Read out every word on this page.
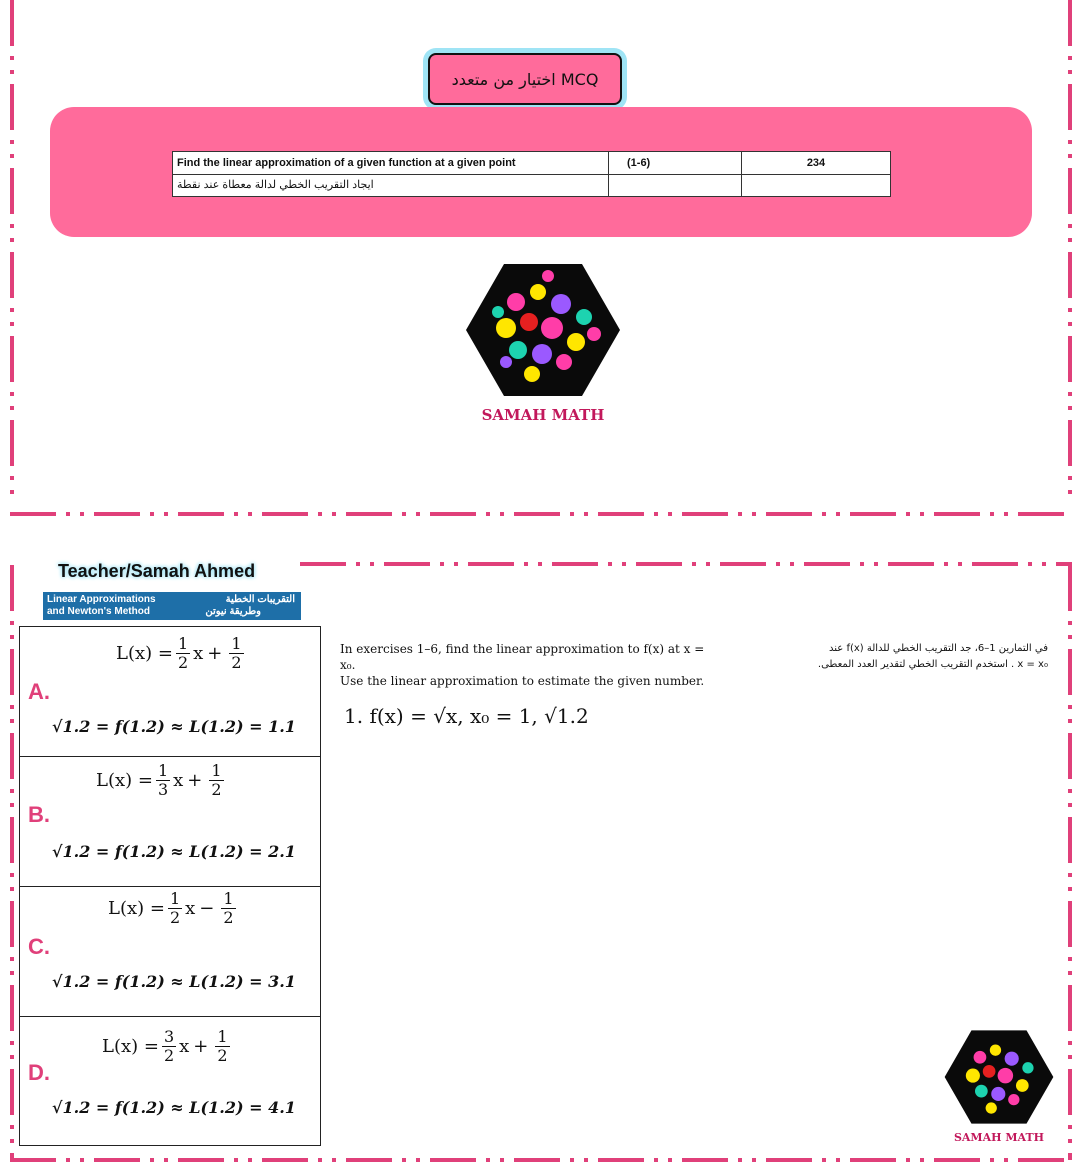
اختيار من متعدد MCQ
Find the linear approximation of a given function at a given point	(1-6)	234
ايجاد التقريب الخطي لدالة معطاة عند نقطة
SAMAH MATH
Teacher/Samah Ahmed
Linear Approximations
and Newton's Method
التقريبات الخطية
وطريقة نيوتن
$L(x) = \frac{1}{2}$ $x + \frac{1}{2}$
A.
√1.2 = f(1.2) ≈ L(1.2) = 1.1
$L(x) = \frac{1}{3}$ $x + \frac{1}{2}$
B.
√1.2 = f(1.2) ≈ L(1.2) = 2.1
$L(x) = \frac{1}{2}$ $x - \frac{1}{2}$
C.
√1.2 = f(1.2) ≈ L(1.2) = 3.1
$L(x) = \frac{3}{2}$ $x + \frac{1}{2}$
D.
√1.2 = f(1.2) ≈ L(1.2) = 4.1
In exercises 1–6, find the linear approximation to f(x) at x = x₀.
Use the linear approximation to estimate the given number.
في التمارين 1–6، جد التقريب الخطي للدالة f(x) عند
x = x₀ . استخدم التقريب الخطي لتقدير العدد المعطى.
1. f(x) = √x, x₀ = 1, √1.2
SAMAH MATH
